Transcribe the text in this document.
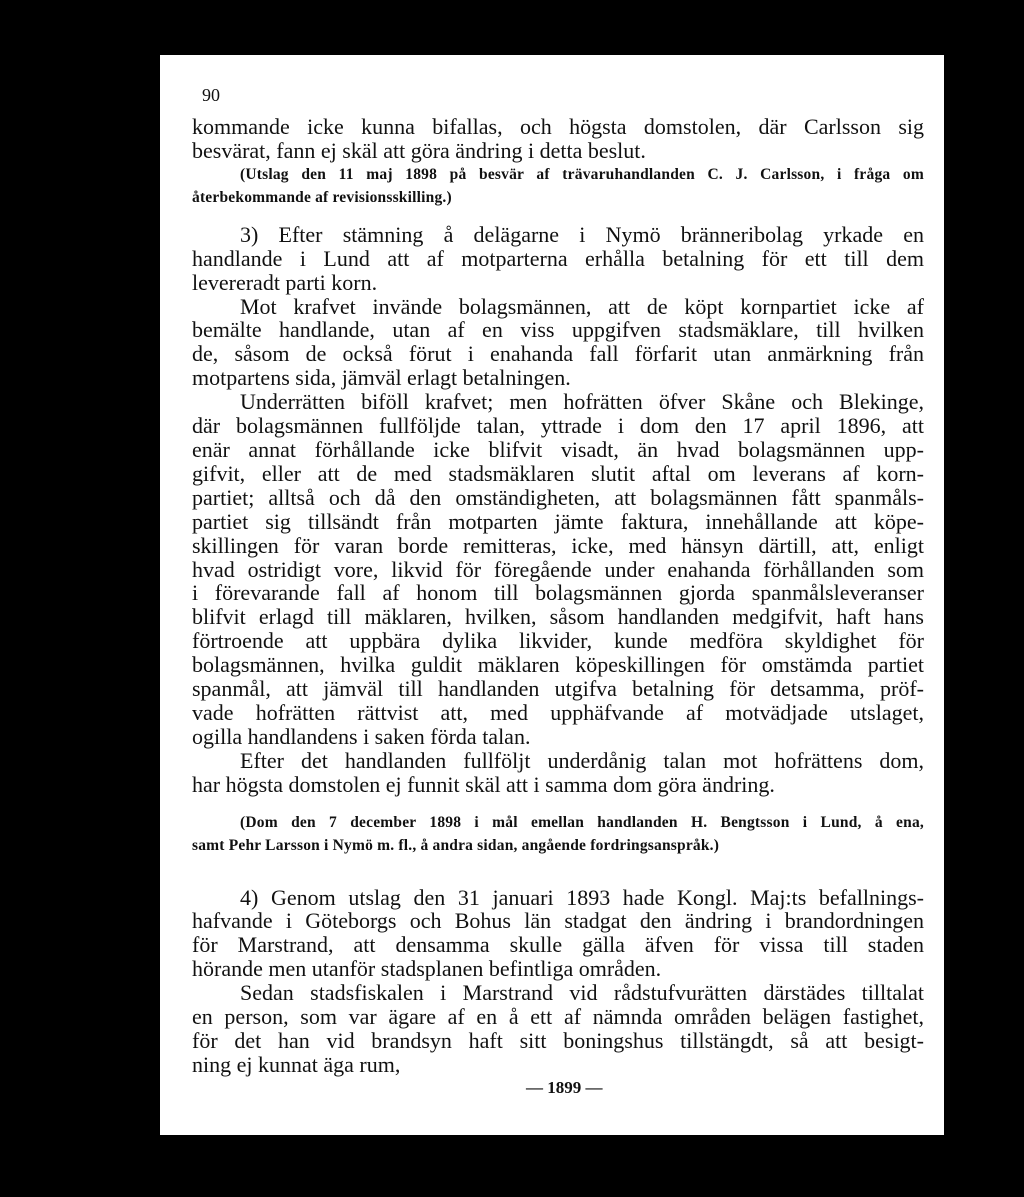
90
kommande icke kunna bifallas, och högsta domstolen, där Carlsson sig
besvärat, fann ej skäl att göra ändring i detta beslut.
(Utslag den 11 maj 1898 på besvär af trävaruhandlanden C. J. Carlsson, i fråga om
återbekommande af revisionsskilling.)
3) Efter stämning å delägarne i Nymö bränneribolag yrkade en
handlande i Lund att af motparterna erhålla betalning för ett till dem
levereradt parti korn.
Mot krafvet invände bolagsmännen, att de köpt kornpartiet icke af
bemälte handlande, utan af en viss uppgifven stadsmäklare, till hvilken
de, såsom de också förut i enahanda fall förfarit utan anmärkning från
motpartens sida, jämväl erlagt betalningen.
Underrätten biföll krafvet; men hofrätten öfver Skåne och Blekinge,
där bolagsmännen fullföljde talan, yttrade i dom den 17 april 1896, att
enär annat förhållande icke blifvit visadt, än hvad bolagsmännen upp-
gifvit, eller att de med stadsmäklaren slutit aftal om leverans af korn-
partiet; alltså och då den omständigheten, att bolagsmännen fått spanmåls-
partiet sig tillsändt från motparten jämte faktura, innehållande att köpe-
skillingen för varan borde remitteras, icke, med hänsyn därtill, att, enligt
hvad ostridigt vore, likvid för föregående under enahanda förhållanden som
i förevarande fall af honom till bolagsmännen gjorda spanmålsleveranser
blifvit erlagd till mäklaren, hvilken, såsom handlanden medgifvit, haft hans
förtroende att uppbära dylika likvider, kunde medföra skyldighet för
bolagsmännen, hvilka guldit mäklaren köpeskillingen för omstämda partiet
spanmål, att jämväl till handlanden utgifva betalning för detsamma, pröf-
vade hofrätten rättvist att, med upphäfvande af motvädjade utslaget,
ogilla handlandens i saken förda talan.
Efter det handlanden fullföljt underdånig talan mot hofrättens dom,
har högsta domstolen ej funnit skäl att i samma dom göra ändring.
(Dom den 7 december 1898 i mål emellan handlanden H. Bengtsson i Lund, å ena,
samt Pehr Larsson i Nymö m. fl., å andra sidan, angående fordringsanspråk.)
4) Genom utslag den 31 januari 1893 hade Kongl. Maj:ts befallnings-
hafvande i Göteborgs och Bohus län stadgat den ändring i brandordningen
för Marstrand, att densamma skulle gälla äfven för vissa till staden
hörande men utanför stadsplanen befintliga områden.
Sedan stadsfiskalen i Marstrand vid rådstufvurätten därstädes tilltalat
en person, som var ägare af en å ett af nämnda områden belägen fastighet,
för det han vid brandsyn haft sitt boningshus tillstängdt, så att besigt-
ning ej kunnat äga rum,
— 1899 —
